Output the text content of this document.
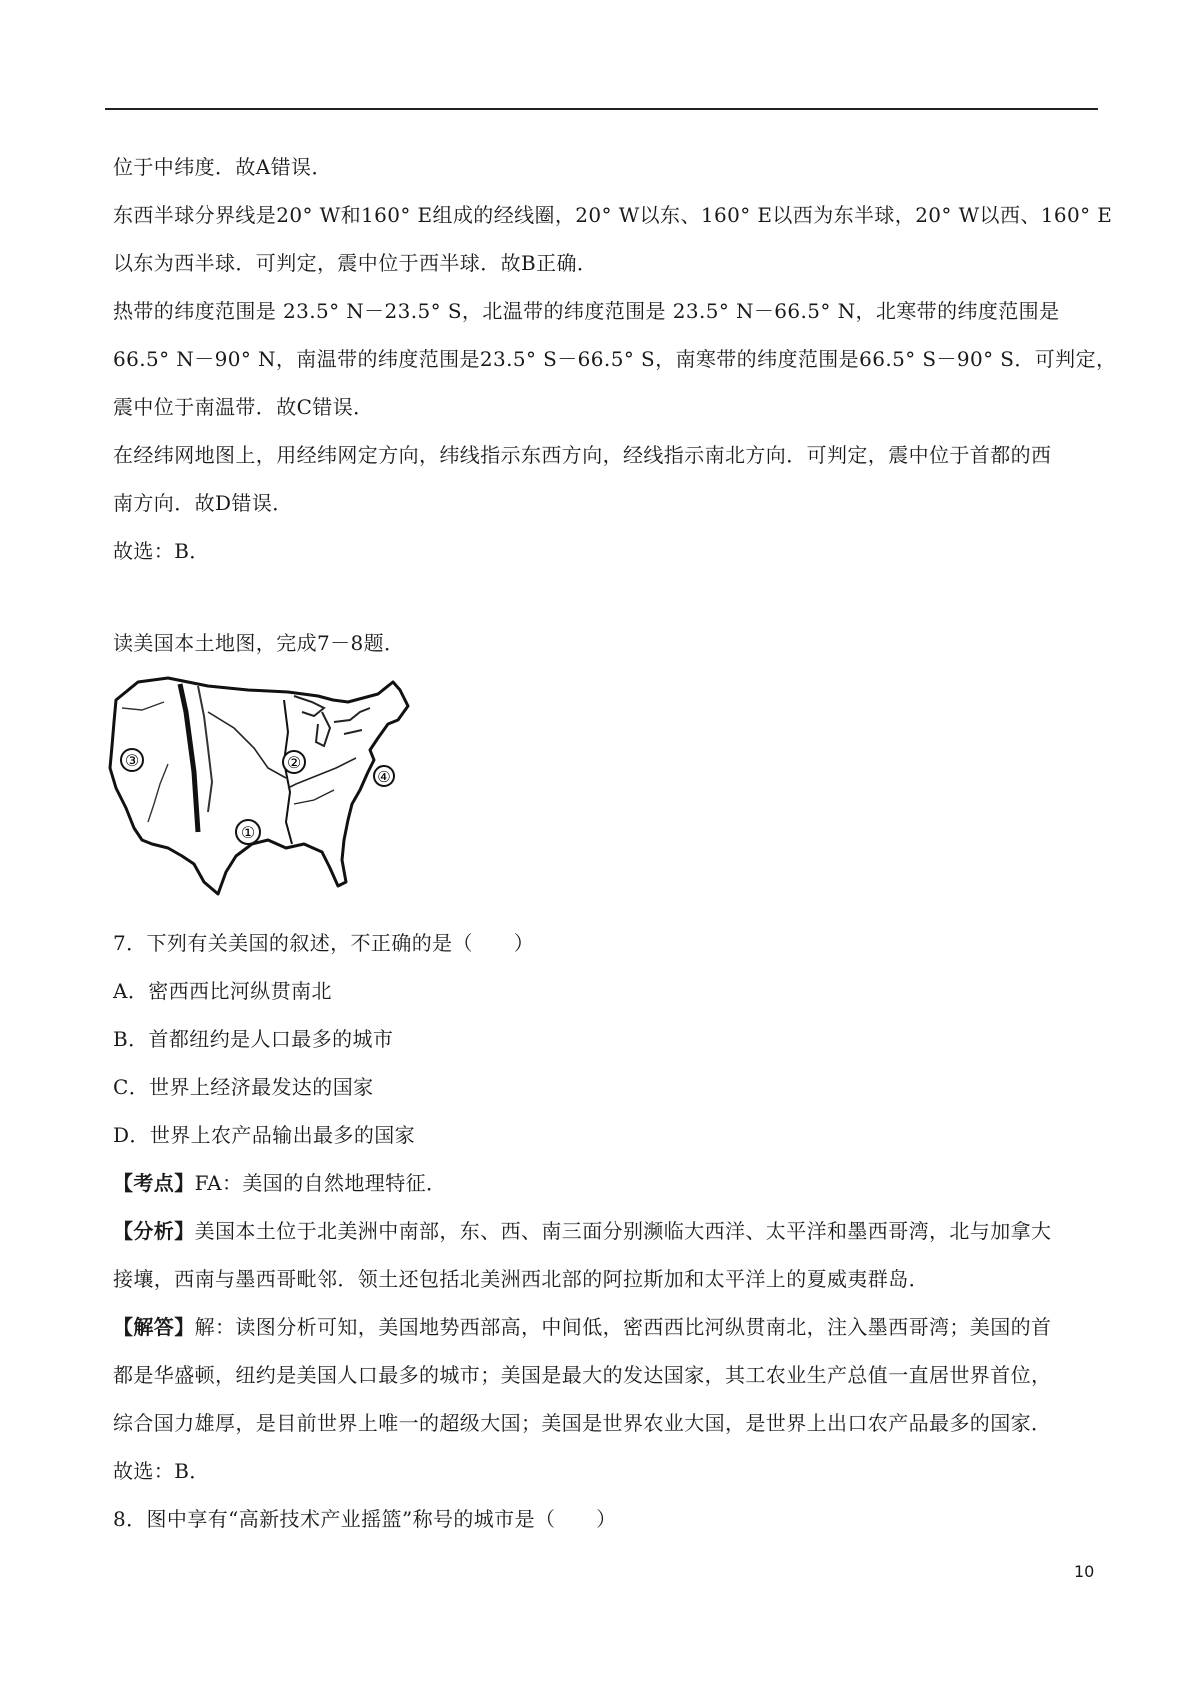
位于中纬度．故A错误．
东西半球分界线是20° W和160° E组成的经线圈，20° W以东、160° E以西为东半球，20° W以西、160° E
以东为西半球．可判定，震中位于西半球．故B正确．
热带的纬度范围是 23.5° N－23.5° S，北温带的纬度范围是 23.5° N－66.5° N，北寒带的纬度范围是
66.5° N－90° N，南温带的纬度范围是23.5° S－66.5° S，南寒带的纬度范围是66.5° S－90° S．可判定，
震中位于南温带．故C错误．
在经纬网地图上，用经纬网定方向，纬线指示东西方向，经线指示南北方向．可判定，震中位于首都的西
南方向．故D错误．
故选：B．
读美国本土地图，完成7－8题．
③	②
①
④
7．下列有关美国的叙述，不正确的是（　　）
A．密西西比河纵贯南北
B．首都纽约是人口最多的城市
C．世界上经济最发达的国家
D．世界上农产品输出最多的国家
【考点】FA：美国的自然地理特征．
【分析】美国本土位于北美洲中南部，东、西、南三面分别濒临大西洋、太平洋和墨西哥湾，北与加拿大
接壤，西南与墨西哥毗邻．领土还包括北美洲西北部的阿拉斯加和太平洋上的夏威夷群岛．
【解答】解：读图分析可知，美国地势西部高，中间低，密西西比河纵贯南北，注入墨西哥湾；美国的首
都是华盛顿，纽约是美国人口最多的城市；美国是最大的发达国家，其工农业生产总值一直居世界首位，
综合国力雄厚，是目前世界上唯一的超级大国；美国是世界农业大国，是世界上出口农产品最多的国家．
故选：B．
8．图中享有“高新技术产业摇篮”称号的城市是（　　）
10
